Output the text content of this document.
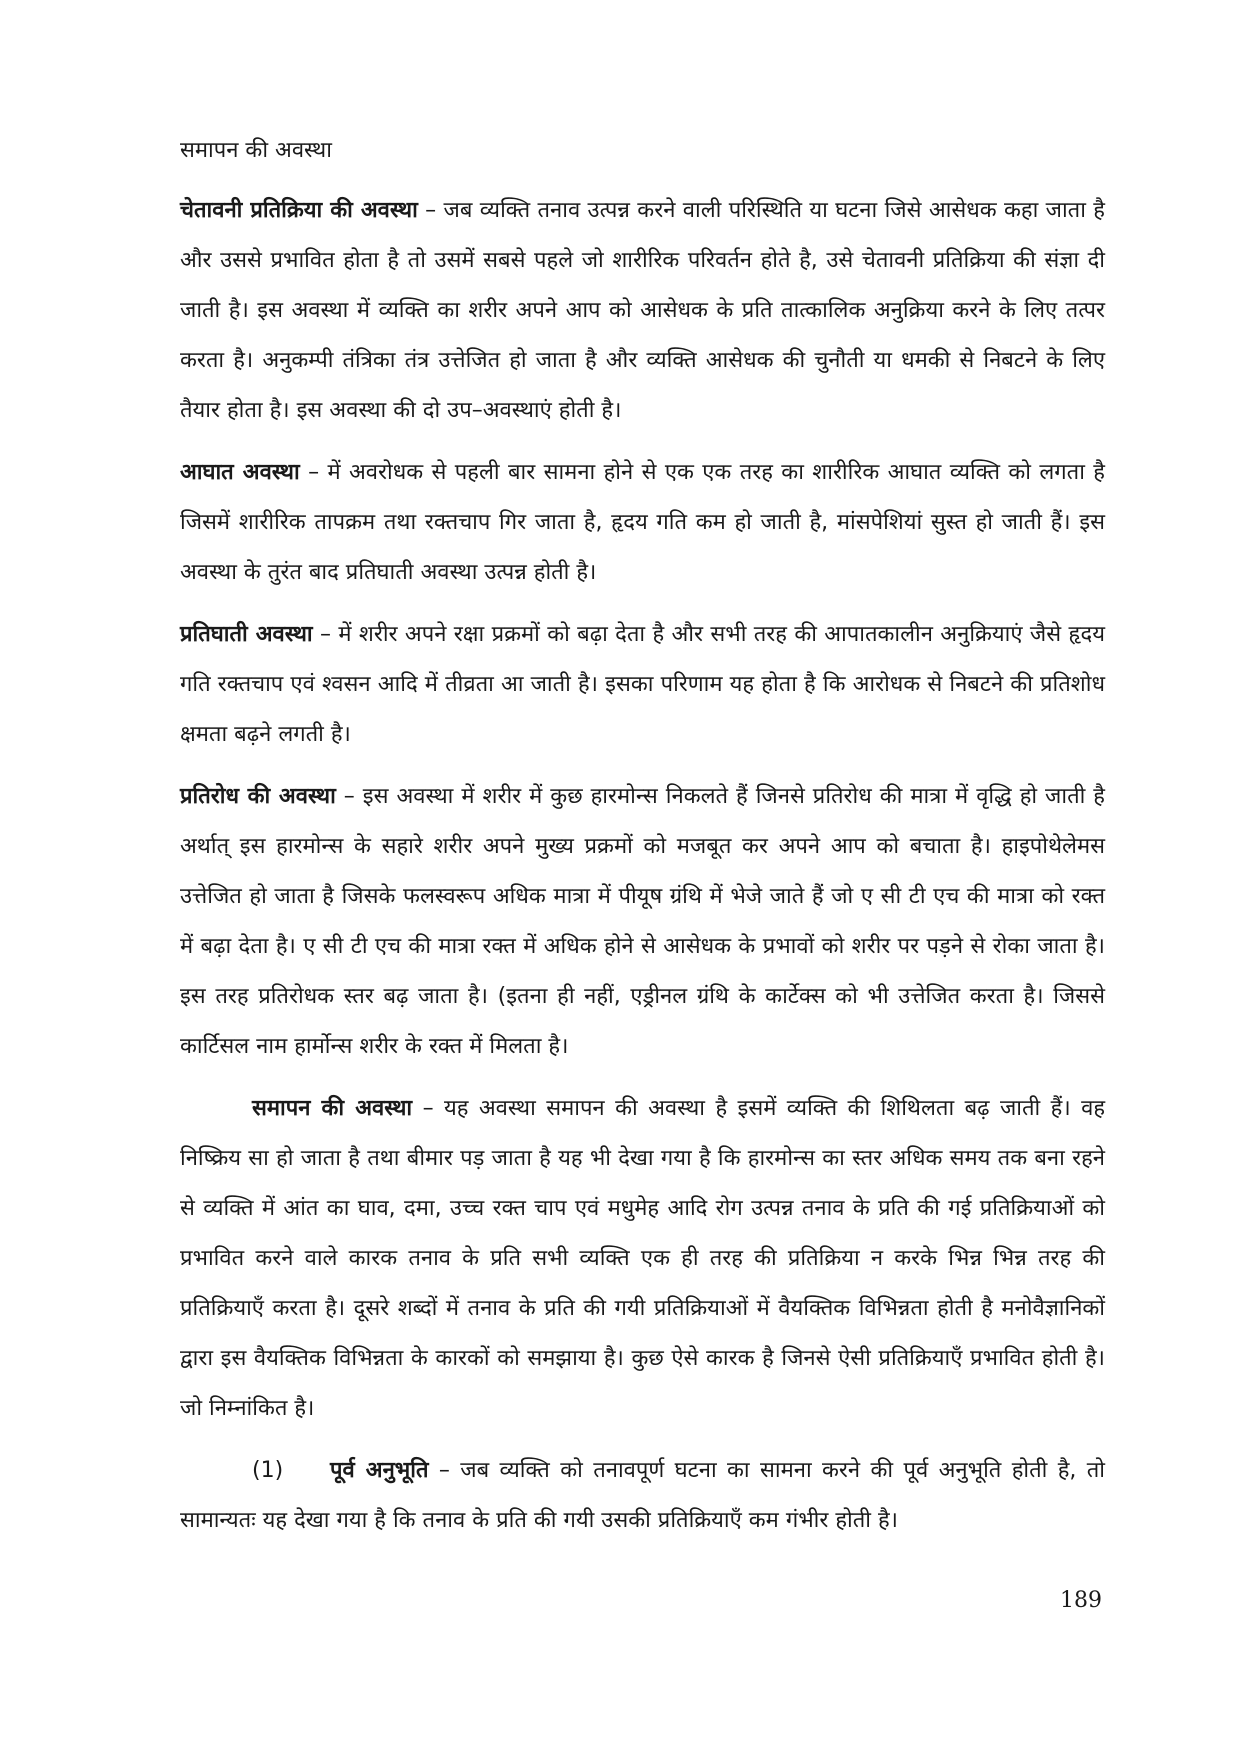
समापन की अवस्था

चेतावनी प्रतिक्रिया की अवस्था – जब व्यक्ति तनाव उत्पन्न करने वाली परिस्थिति या घटना जिसे आसेधक कहा जाता है और उससे प्रभावित होता है तो उसमें सबसे पहले जो शारीरिक परिवर्तन होते है, उसे चेतावनी प्रतिक्रिया की संज्ञा दी जाती है। इस अवस्था में व्यक्ति का शरीर अपने आप को आसेधक के प्रति तात्कालिक अनुक्रिया करने के लिए तत्पर करता है। अनुकम्पी तंत्रिका तंत्र उत्तेजित हो जाता है और व्यक्ति आसेधक की चुनौती या धमकी से निबटने के लिए तैयार होता है। इस अवस्था की दो उप–अवस्थाएं होती है।

आघात अवस्था – में अवरोधक से पहली बार सामना होने से एक एक तरह का शारीरिक आघात व्यक्ति को लगता है जिसमें शारीरिक तापक्रम तथा रक्तचाप गिर जाता है, हृदय गति कम हो जाती है, मांसपेशियां सुस्त हो जाती हैं। इस अवस्था के तुरंत बाद प्रतिघाती अवस्था उत्पन्न होती है।

प्रतिघाती अवस्था – में शरीर अपने रक्षा प्रक्रमों को बढ़ा देता है और सभी तरह की आपातकालीन अनुक्रियाएं जैसे हृदय गति रक्तचाप एवं श्वसन आदि में तीव्रता आ जाती है। इसका परिणाम यह होता है कि आरोधक से निबटने की प्रतिशोध क्षमता बढ़ने लगती है।

प्रतिरोध की अवस्था – इस अवस्था में शरीर में कुछ हारमोन्स निकलते हैं जिनसे प्रतिरोध की मात्रा में वृद्धि हो जाती है अर्थात् इस हारमोन्स के सहारे शरीर अपने मुख्य प्रक्रमों को मजबूत कर अपने आप को बचाता है। हाइपोथेलेमस उत्तेजित हो जाता है जिसके फलस्वरूप अधिक मात्रा में पीयूष ग्रंथि में भेजे जाते हैं जो ए सी टी एच की मात्रा को रक्त में बढ़ा देता है। ए सी टी एच की मात्रा रक्त में अधिक होने से आसेधक के प्रभावों को शरीर पर पड़ने से रोका जाता है। इस तरह प्रतिरोधक स्तर बढ़ जाता है। (इतना ही नहीं, एड्रीनल ग्रंथि के कार्टेक्स को भी उत्तेजित करता है। जिससे कार्टिसल नाम हार्मोन्स शरीर के रक्त में मिलता है।

समापन की अवस्था – यह अवस्था समापन की अवस्था है इसमें व्यक्ति की शिथिलता बढ़ जाती हैं। वह निष्क्रिय सा हो जाता है तथा बीमार पड़ जाता है यह भी देखा गया है कि हारमोन्स का स्तर अधिक समय तक बना रहने से व्यक्ति में आंत का घाव, दमा, उच्च रक्त चाप एवं मधुमेह आदि रोग उत्पन्न तनाव के प्रति की गई प्रतिक्रियाओं को प्रभावित करने वाले कारक तनाव के प्रति सभी व्यक्ति एक ही तरह की प्रतिक्रिया न करके भिन्न भिन्न तरह की प्रतिक्रियाएँ करता है। दूसरे शब्दों में तनाव के प्रति की गयी प्रतिक्रियाओं में वैयक्तिक विभिन्नता होती है मनोवैज्ञानिकों द्वारा इस वैयक्तिक विभिन्नता के कारकों को समझाया है। कुछ ऐसे कारक है जिनसे ऐसी प्रतिक्रियाएँ प्रभावित होती है। जो निम्नांकित है।

(1) पूर्व अनुभूति – जब व्यक्ति को तनावपूर्ण घटना का सामना करने की पूर्व अनुभूति होती है, तो सामान्यतः यह देखा गया है कि तनाव के प्रति की गयी उसकी प्रतिक्रियाएँ कम गंभीर होती है।

189
